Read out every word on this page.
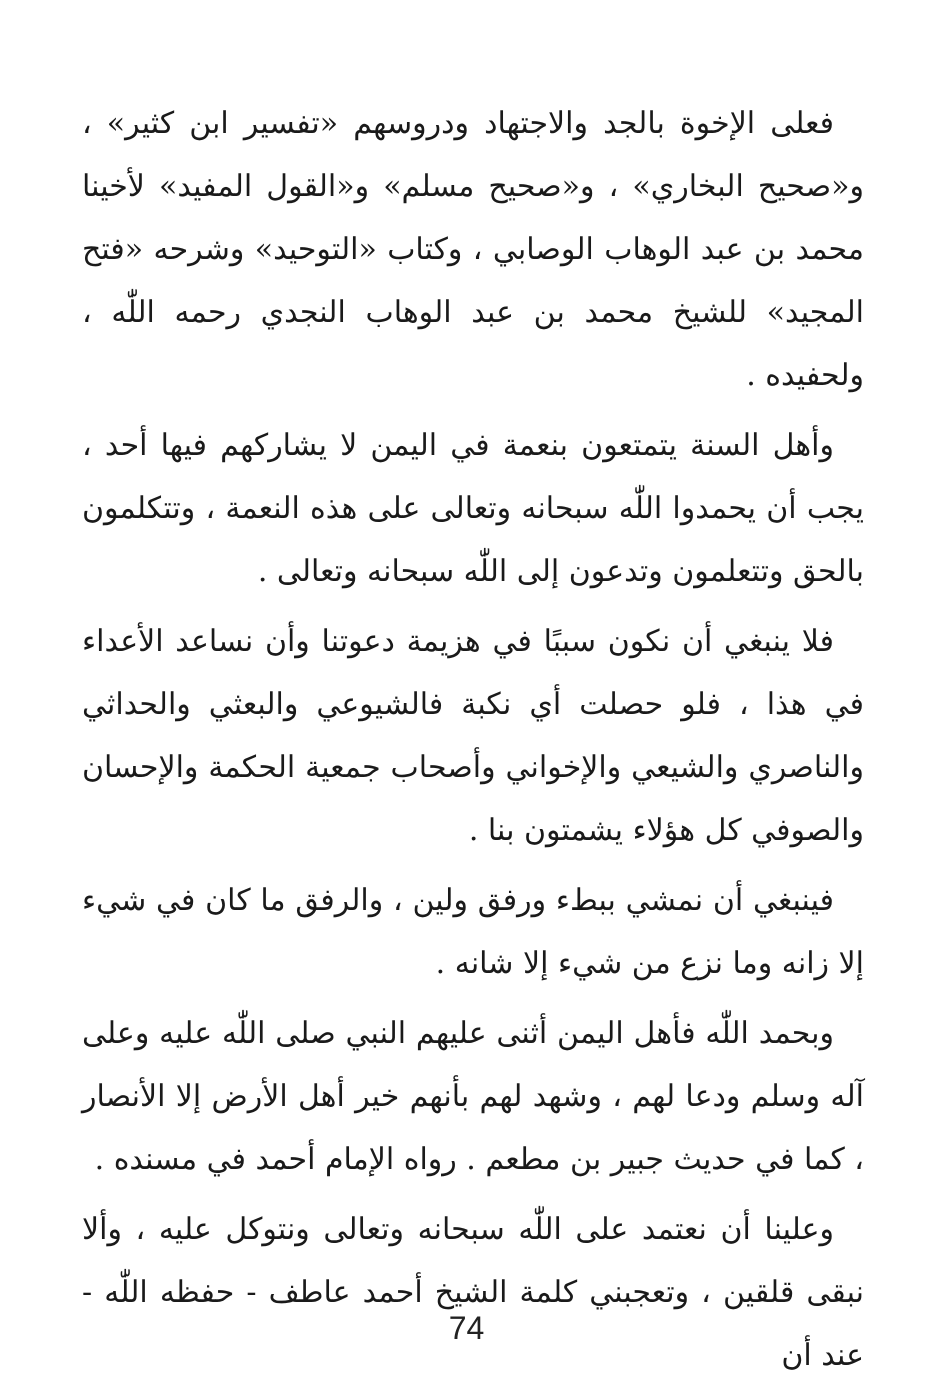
فعلى الإخوة بالجد والاجتهاد ودروسهم «تفسير ابن كثير» ، و«صحيح البخاري» ، و«صحيح مسلم» و«القول المفيد» لأخينا محمد بن عبد الوهاب الوصابي ، وكتاب «التوحيد» وشرحه «فتح المجيد» للشيخ محمد بن عبد الوهاب النجدي رحمه اللّٰه ، ولحفيده .

وأهل السنة يتمتعون بنعمة في اليمن لا يشاركهم فيها أحد ، يجب أن يحمدوا اللّٰه سبحانه وتعالى على هذه النعمة ، وتتكلمون بالحق وتتعلمون وتدعون إلى اللّٰه سبحانه وتعالى .

فلا ينبغي أن نكون سببًا في هزيمة دعوتنا وأن نساعد الأعداء في هذا ، فلو حصلت أي نكبة فالشيوعي والبعثي والحداثي والناصري والشيعي والإخواني وأصحاب جمعية الحكمة والإحسان والصوفي كل هؤلاء يشمتون بنا .

فينبغي أن نمشي ببطء ورفق ولين ، والرفق ما كان في شيء إلا زانه وما نزع من شيء إلا شانه .

وبحمد اللّٰه فأهل اليمن أثنى عليهم النبي صلى اللّٰه عليه وعلى آله وسلم ودعا لهم ، وشهد لهم بأنهم خير أهل الأرض إلا الأنصار ، كما في حديث جبير بن مطعم . رواه الإمام أحمد في مسنده .

وعلينا أن نعتمد على اللّٰه سبحانه وتعالى ونتوكل عليه ، وألا نبقى قلقين ، وتعجبني كلمة الشيخ أحمد عاطف - حفظه اللّٰه - عند أن

74
